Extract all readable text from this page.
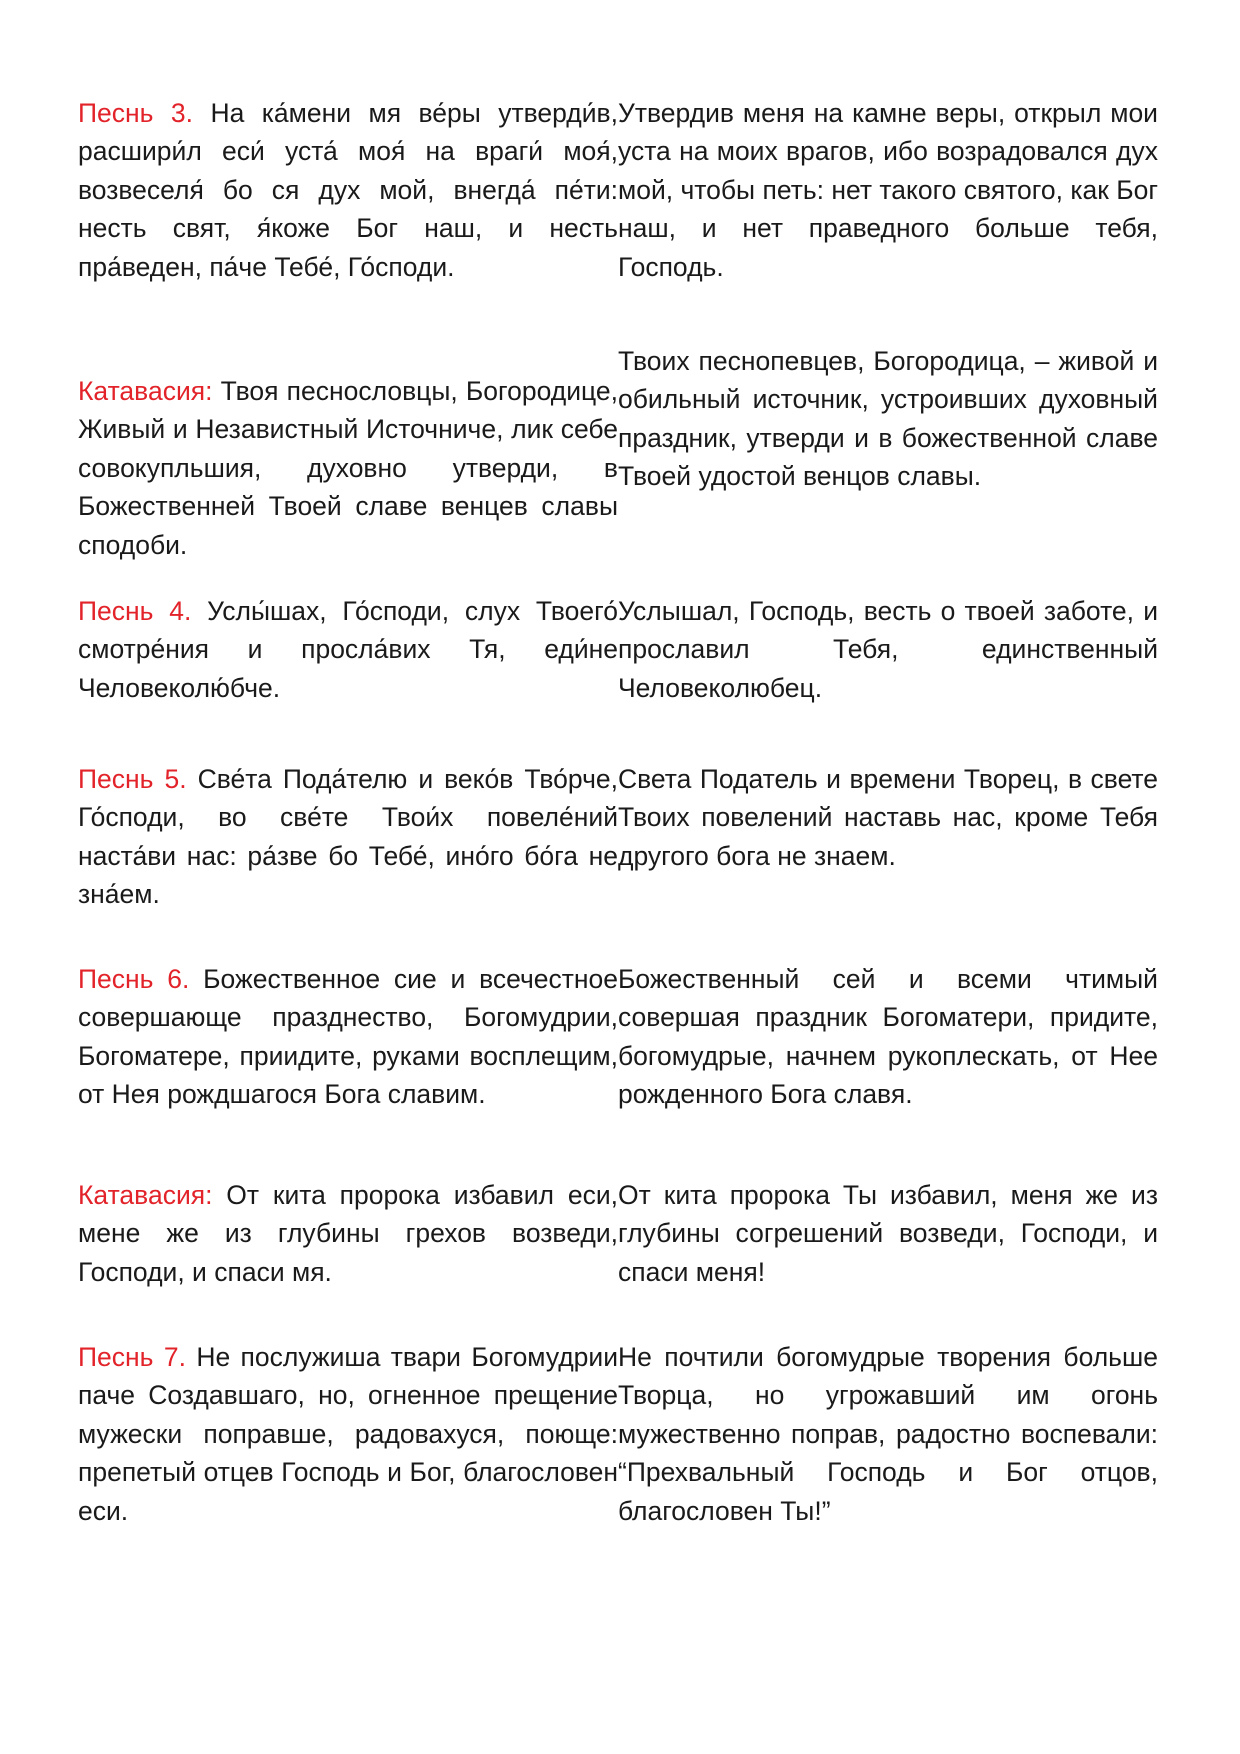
Песнь 3. На ка́мени мя ве́ры утверди́в, расшири́л еси́ уста́ моя́ на враги́ моя́, возвеселя́ бо ся дух мой, внегда́ пе́ти: несть свят, я́коже Бог наш, и несть пра́веден, па́че Тебе́, Го́споди.
Утвердив меня на камне веры, открыл мои уста на моих врагов, ибо возрадовался дух мой, чтобы петь: нет такого святого, как Бог наш, и нет праведного больше тебя, Господь.
Катавасия: Твоя песнословцы, Богородице, Живый и Независтный Источниче, лик себе совокупльшия, духовно утверди, в Божественней Твоей славе венцев славы сподоби.
Твоих песнопевцев, Богородица, – живой и обильный источник, устроивших духовный праздник, утверди и в божественной славе Твоей удостой венцов славы.
Песнь 4. Услы́шах, Го́споди, слух Твоего́ смотре́ния и просла́вих Тя, еди́не Человеколю́бче.
Услышал, Господь, весть о твоей заботе, и прославил Тебя, единственный Человеколюбец.
Песнь 5. Све́та Пода́телю и веко́в Тво́рче, Го́споди, во све́те Твои́х повеле́ний наста́ви нас: ра́зве бо Тебе́, ино́го бо́га не зна́ем.
Света Податель и времени Творец, в свете Твоих повелений наставь нас, кроме Тебя другого бога не знаем.
Песнь 6. Божественное сие и всечестное совершающе празднество, Богомудрии, Богоматере, приидите, руками восплещим, от Нея рождшагося Бога славим.
Божественный сей и всеми чтимый совершая праздник Богоматери, придите, богомудрые, начнем рукоплескать, от Нее рожденного Бога славя.
Катавасия: От кита пророка избавил еси, мене же из глубины грехов возведи, Господи, и спаси мя.
От кита пророка Ты избавил, меня же из глубины согрешений возведи, Господи, и спаси меня!
Песнь 7. Не послужиша твари Богомудрии паче Создавшаго, но, огненное прещение мужески поправше, радовахуся, поюще: препетый отцев Господь и Бог, благословен еси.
Не почтили богомудрые творения больше Творца, но угрожавший им огонь мужественно поправ, радостно воспевали: “Прехвальный Господь и Бог отцов, благословен Ты!”
